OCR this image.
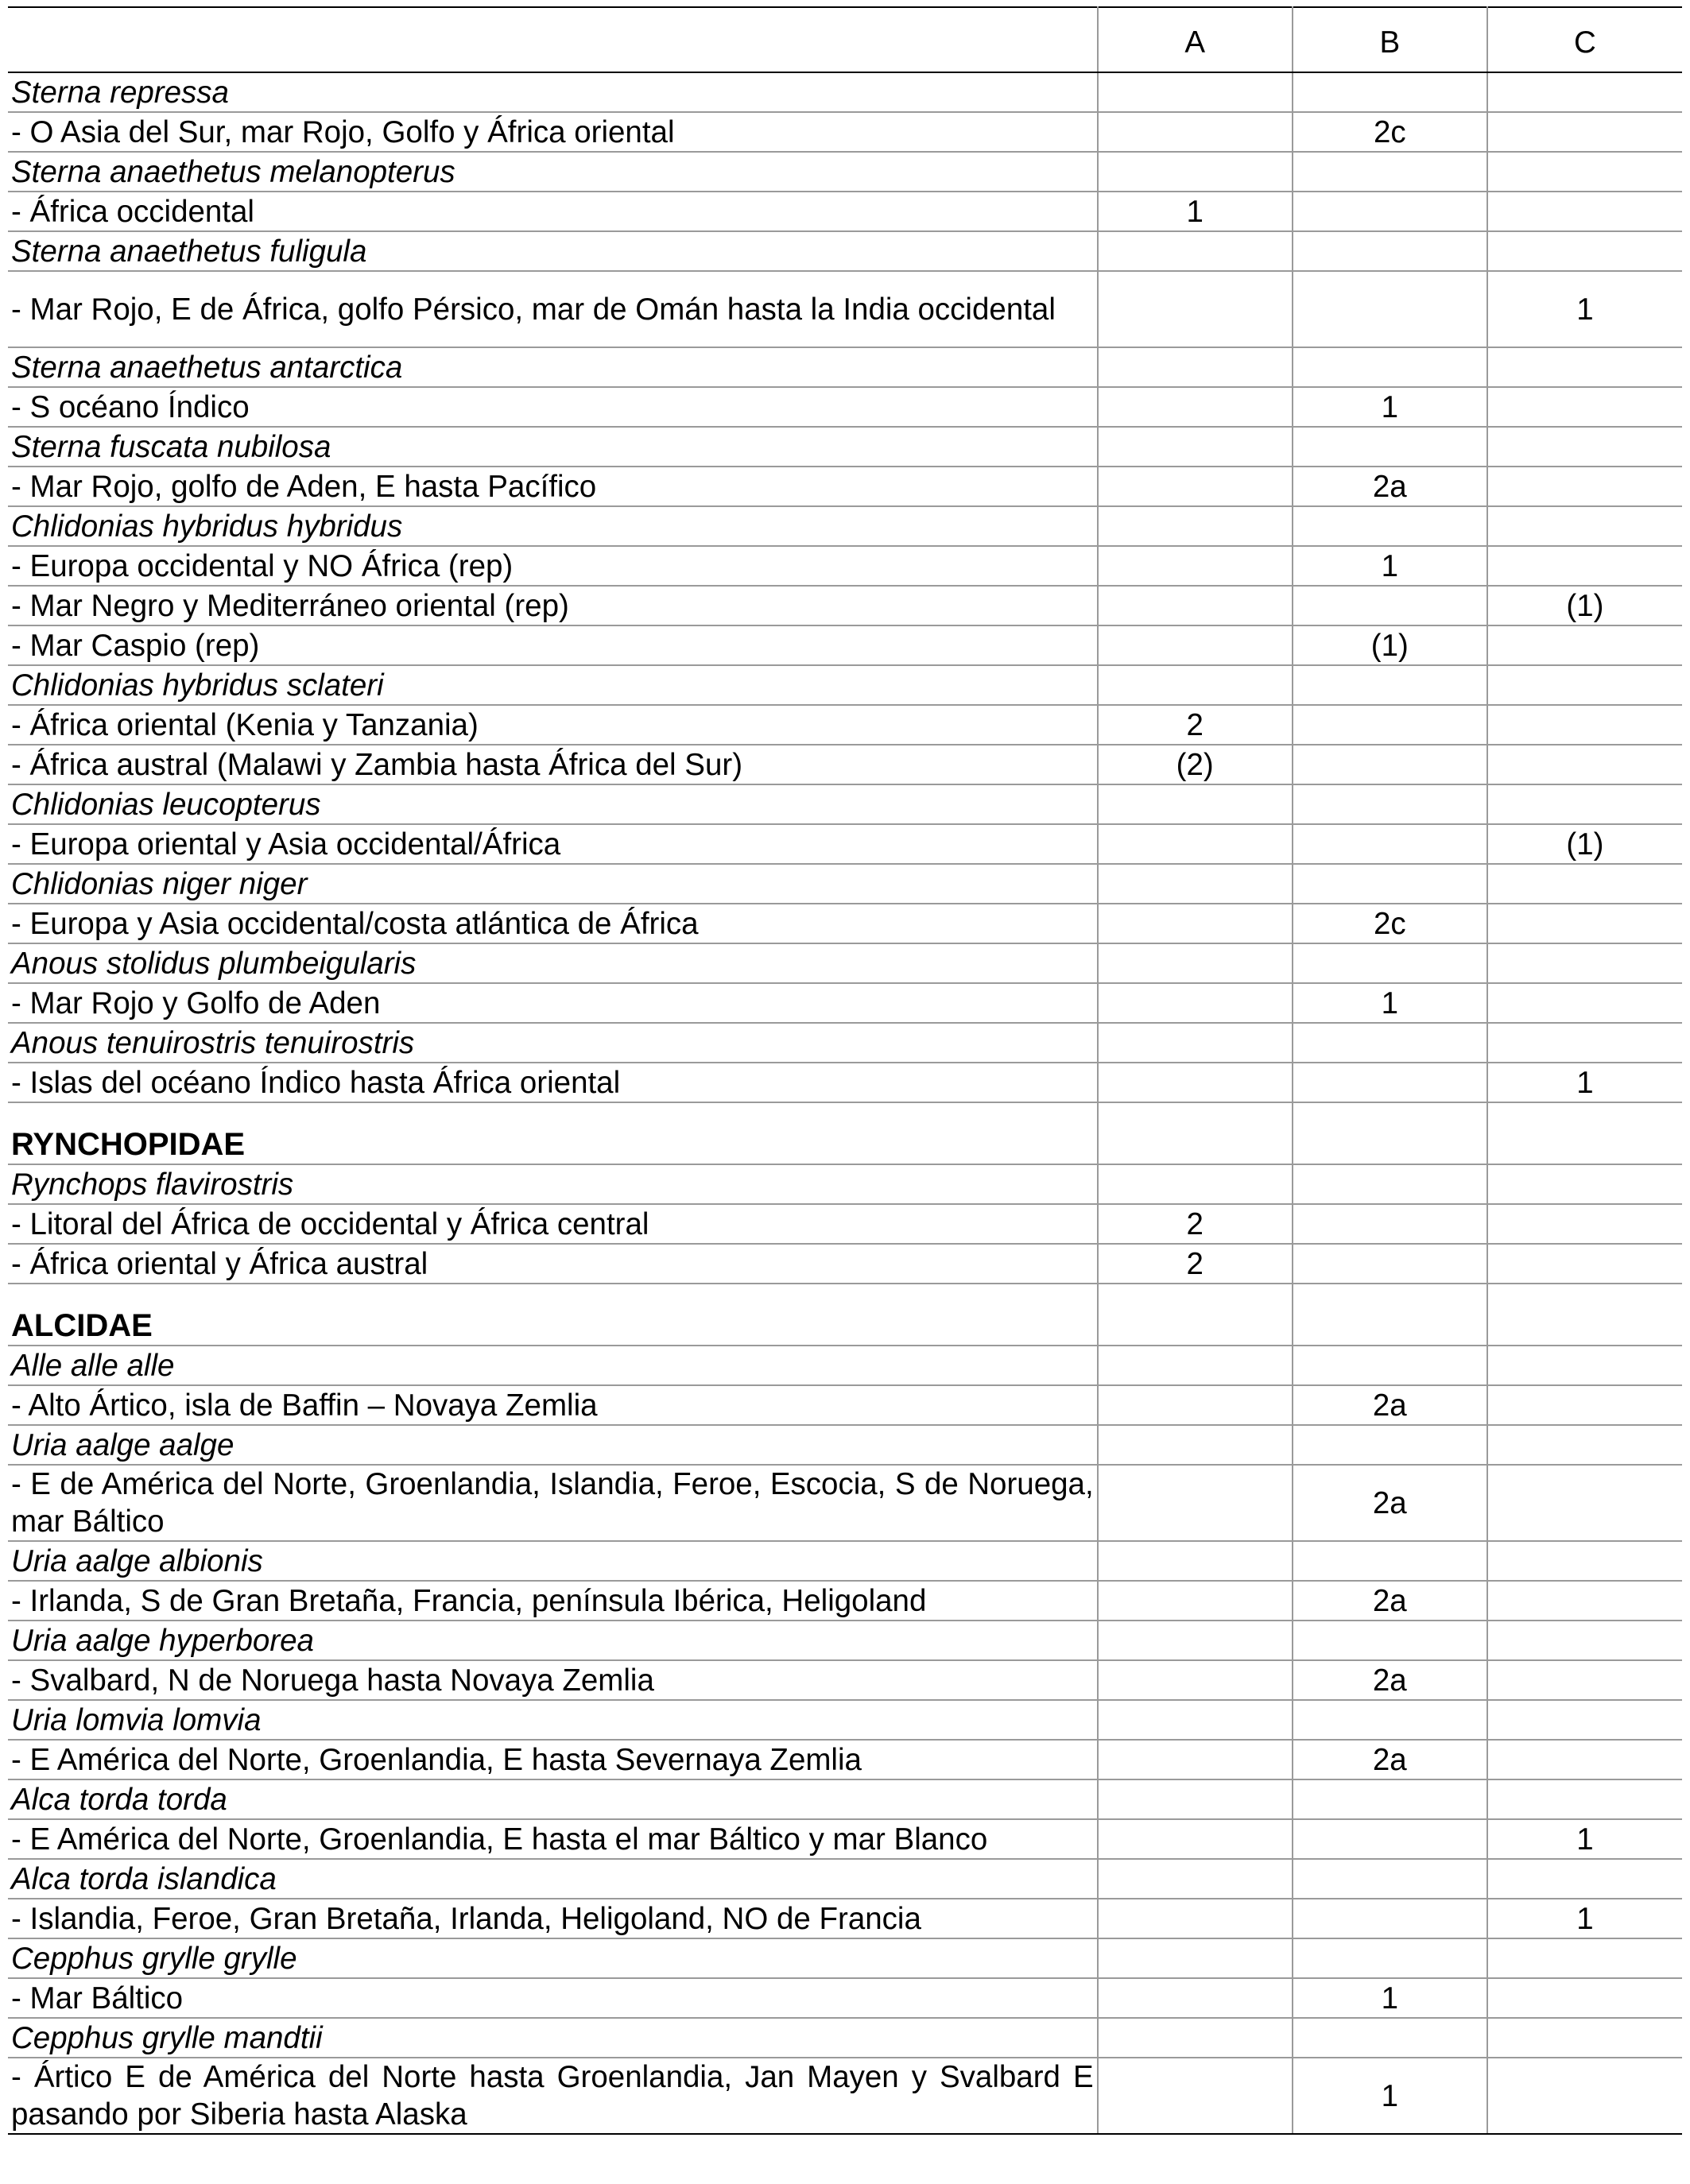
	A	B	C
Sterna repressa			
- O Asia del Sur, mar Rojo, Golfo y África oriental		2c	
Sterna anaethetus melanopterus			
- África occidental	1		
Sterna anaethetus fuligula			
- Mar Rojo, E de África, golfo Pérsico, mar de Omán hasta la India occidental			1
Sterna anaethetus antarctica			
- S océano Índico		1	
Sterna fuscata nubilosa			
- Mar Rojo, golfo de Aden, E hasta Pacífico		2a	
Chlidonias hybridus hybridus			
- Europa occidental y NO África (rep)		1	
- Mar Negro y Mediterráneo oriental (rep)			(1)
- Mar Caspio (rep)		(1)	
Chlidonias hybridus sclateri			
- África oriental (Kenia y Tanzania)	2		
- África austral (Malawi y Zambia hasta África del Sur)	(2)		
Chlidonias leucopterus			
- Europa oriental y Asia occidental/África			(1)
Chlidonias niger niger			
- Europa y Asia occidental/costa atlántica de África		2c	
Anous stolidus plumbeigularis			
- Mar Rojo y Golfo de Aden		1	
Anous tenuirostris tenuirostris			
- Islas del océano Índico hasta África oriental			1
RYNCHOPIDAE			
Rynchops flavirostris			
- Litoral del África de occidental y África central	2		
- África oriental y África austral	2		
ALCIDAE			
Alle alle alle			
- Alto Ártico, isla de Baffin – Novaya Zemlia		2a	
Uria aalge aalge			
- E de América del Norte, Groenlandia, Islandia, Feroe, Escocia, S de Noruega, mar Báltico		2a	
Uria aalge albionis			
- Irlanda, S de Gran Bretaña, Francia, península Ibérica, Heligoland		2a	
Uria aalge hyperborea			
- Svalbard, N de Noruega hasta Novaya Zemlia		2a	
Uria lomvia lomvia			
- E América del Norte, Groenlandia, E hasta Severnaya Zemlia		2a	
Alca torda torda			
- E América del Norte, Groenlandia, E hasta el mar Báltico y mar Blanco			1
Alca torda islandica			
- Islandia, Feroe, Gran Bretaña, Irlanda, Heligoland, NO de Francia			1
Cepphus grylle grylle			
- Mar Báltico		1	
Cepphus grylle mandtii			
- Ártico E de América del Norte hasta Groenlandia, Jan Mayen y Svalbard E pasando por Siberia hasta Alaska		1	
